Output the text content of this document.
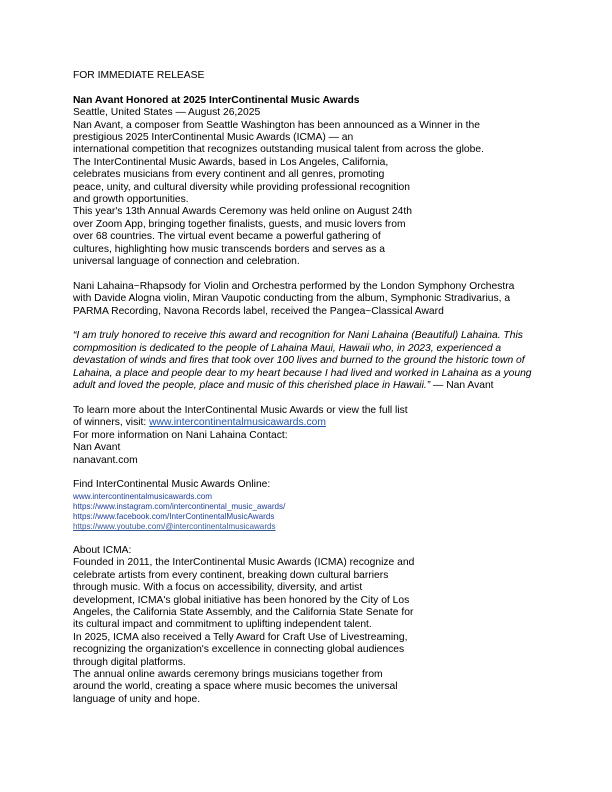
FOR IMMEDIATE RELEASE
Nan Avant Honored at 2025 InterContinental Music Awards
Seattle, United States — August 26,2025
Nan Avant, a composer from Seattle Washington has been announced as a Winner in the
prestigious 2025 InterContinental Music Awards (ICMA) — an
international competition that recognizes outstanding musical talent from across the globe.
The InterContinental Music Awards, based in Los Angeles, California,
celebrates musicians from every continent and all genres, promoting
peace, unity, and cultural diversity while providing professional recognition
and growth opportunities.
This year's 13th Annual Awards Ceremony was held online on August 24th
over Zoom App, bringing together finalists, guests, and music lovers from
over 68 countries. The virtual event became a powerful gathering of
cultures, highlighting how music transcends borders and serves as a
universal language of connection and celebration.
Nani Lahaina~Rhapsody for Violin and Orchestra performed by the London Symphony Orchestra
with Davide Alogna violin, Miran Vaupotic conducting from the album, Symphonic Stradivarius, a
PARMA Recording, Navona Records label, received the Pangea~Classical Award
“I am truly honored to receive this award and recognition for Nani Lahaina (Beautiful) Lahaina. This
compmosition is dedicated to the people of Lahaina Maui, Hawaii who, in 2023, experienced a
devastation of winds and fires that took over 100 lives and burned to the ground the historic town of
Lahaina, a place and people dear to my heart because I had lived and worked in Lahaina as a young
adult and loved the people, place and music of this cherished place in Hawaii.” — Nan Avant
To learn more about the InterContinental Music Awards or view the full list
of winners, visit: www.intercontinentalmusicawards.com
For more information on Nani Lahaina Contact:
Nan Avant
nanavant.com
Find InterContinental Music Awards Online:
www.intercontinentalmusicawards.com
https://www.instagram.com/intercontinental_music_awards/
https://www.facebook.com/InterContinentalMusicAwards
https://www.youtube.com/@intercontinentalmusicawards
About ICMA:
Founded in 2011, the InterContinental Music Awards (ICMA) recognize and
celebrate artists from every continent, breaking down cultural barriers
through music. With a focus on accessibility, diversity, and artist
development, ICMA's global initiative has been honored by the City of Los
Angeles, the California State Assembly, and the California State Senate for
its cultural impact and commitment to uplifting independent talent.
In 2025, ICMA also received a Telly Award for Craft Use of Livestreaming,
recognizing the organization's excellence in connecting global audiences
through digital platforms.
The annual online awards ceremony brings musicians together from
around the world, creating a space where music becomes the universal
language of unity and hope.
